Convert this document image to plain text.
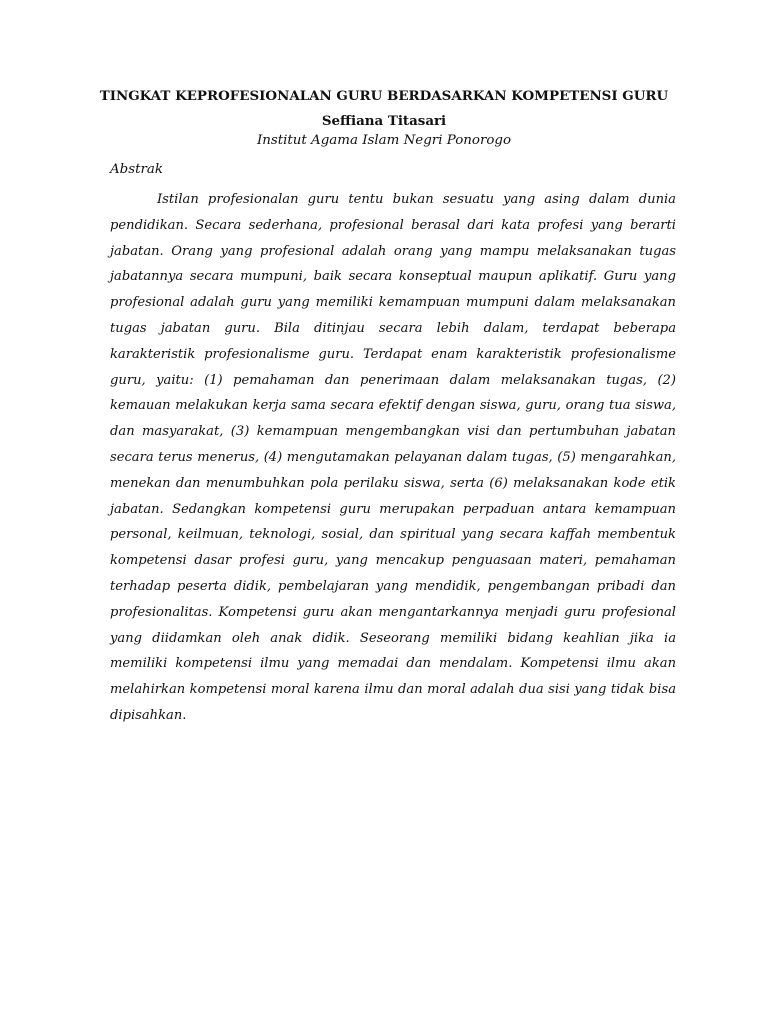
TINGKAT KEPROFESIONALAN GURU BERDASARKAN KOMPETENSI GURU
Seffiana Titasari
Institut Agama Islam Negri Ponorogo
Abstrak

Istilan profesionalan guru tentu bukan sesuatu yang asing dalam dunia pendidikan. Secara sederhana, profesional berasal dari kata profesi yang berarti jabatan. Orang yang profesional adalah orang yang mampu melaksanakan tugas jabatannya secara mumpuni, baik secara konseptual maupun aplikatif. Guru yang profesional adalah guru yang memiliki kemampuan mumpuni dalam melaksanakan tugas jabatan guru. Bila ditinjau secara lebih dalam, terdapat beberapa karakteristik profesionalisme guru. Terdapat enam karakteristik profesionalisme guru, yaitu: (1) pemahaman dan penerimaan dalam melaksanakan tugas, (2) kemauan melakukan kerja sama secara efektif dengan siswa, guru, orang tua siswa, dan masyarakat, (3) kemampuan mengembangkan visi dan pertumbuhan jabatan secara terus menerus, (4) mengutamakan pelayanan dalam tugas, (5) mengarahkan, menekan dan menumbuhkan pola perilaku siswa, serta (6) melaksanakan kode etik jabatan. Sedangkan kompetensi guru merupakan perpaduan antara kemampuan personal, keilmuan, teknologi, sosial, dan spiritual yang secara kaffah membentuk kompetensi dasar profesi guru, yang mencakup penguasaan materi, pemahaman terhadap peserta didik, pembelajaran yang mendidik, pengembangan pribadi dan profesionalitas. Kompetensi guru akan mengantarkannya menjadi guru profesional yang diidamkan oleh anak didik. Seseorang memiliki bidang keahlian jika ia memiliki kompetensi ilmu yang memadai dan mendalam. Kompetensi ilmu akan melahirkan kompetensi moral karena ilmu dan moral adalah dua sisi yang tidak bisa dipisahkan.
